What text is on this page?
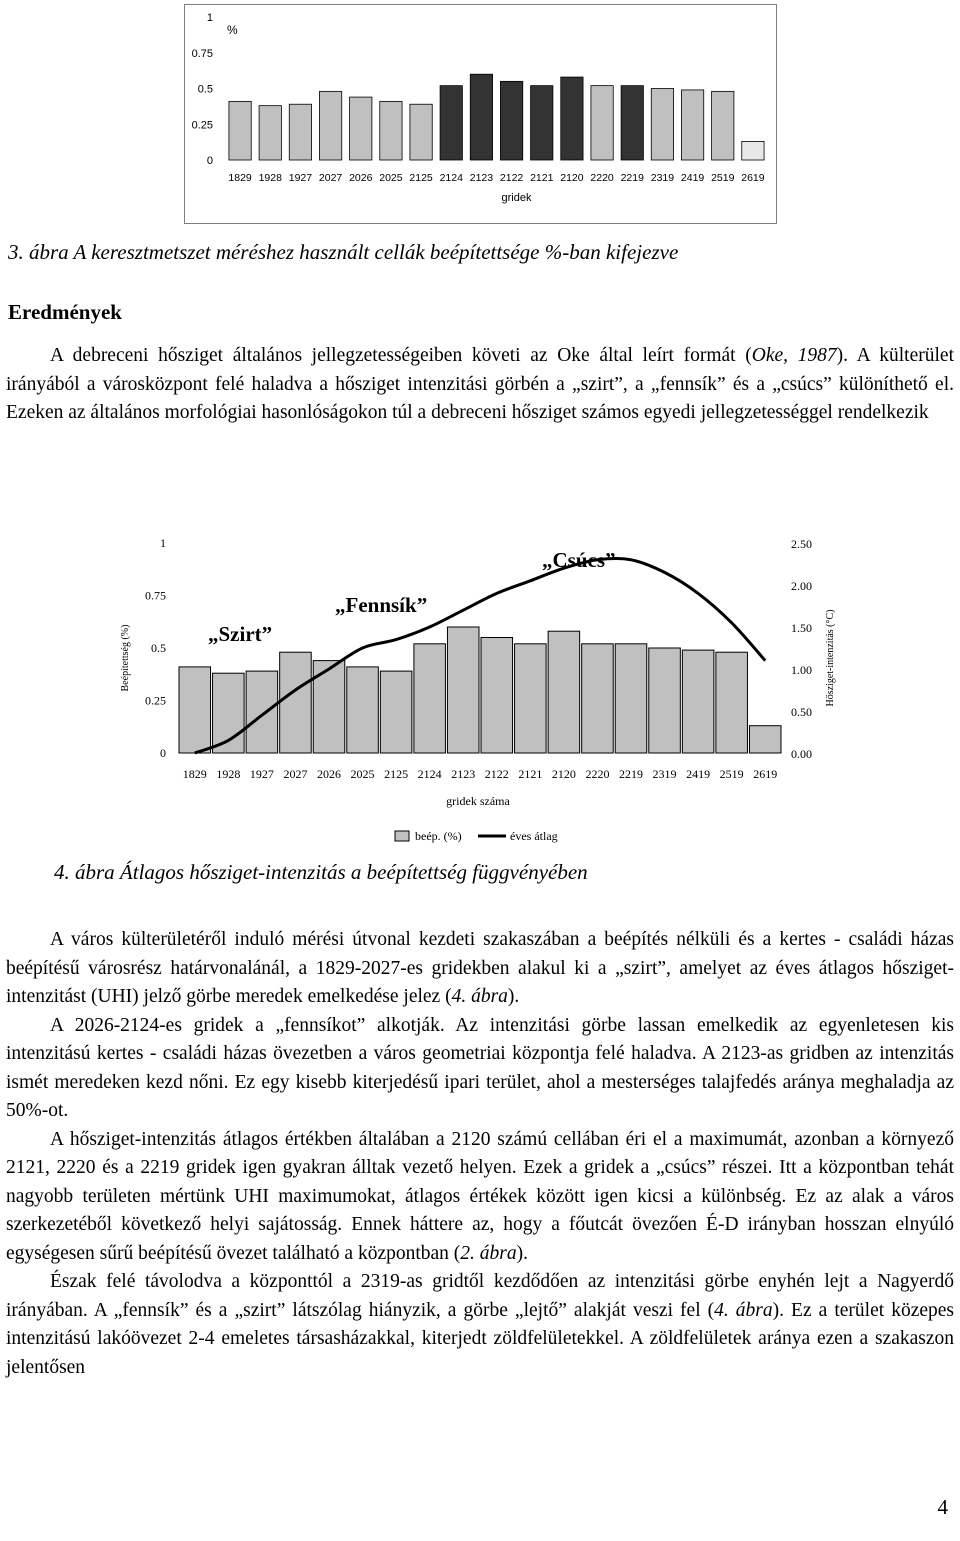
0
0.25
0.5
0.75
1
%
1829 1928 1927 2027 2026 2025 2125 2124 2123 2122 2121 2120 2220 2219 2319 2419 2519 2619
gridek
3. ábra A keresztmetszet méréshez használt cellák beépítettsége %-ban kifejezve
Eredmények
A debreceni hősziget általános jellegzetességeiben követi az Oke által leírt formát (Oke, 1987). A külterület irányából a városközpont felé haladva a hősziget intenzitási görbén a „szirt”, a „fennsík” és a „csúcs” különíthető el. Ezeken az általános morfológiai hasonlóságokon túl a debreceni hősziget számos egyedi jellegzetességgel rendelkezik
0
0.25
0.5
0.75
1
0.00
0.50
1.00
1.50
2.00
2.50
Beépítettség (%)	Hősziget-intenzitás (°C)
1829 1928 1927 2027 2026 2025 2125 2124 2123 2122 2121 2120 2220 2219 2319 2419 2519 2619
gridek száma
„Szirt”
„Fennsík”
„Csúcs”
beép. (%)	éves átlag
4. ábra Átlagos hősziget-intenzitás a beépítettség függvényében

A város külterületéről induló mérési útvonal kezdeti szakaszában a beépítés nélküli és a kertes - családi házas beépítésű városrész határvonalánál, a 1829-2027-es gridekben alakul ki a „szirt”, amelyet az éves átlagos hősziget-intenzitást (UHI) jelző görbe meredek emelkedése jelez (4. ábra).

A 2026-2124-es gridek a „fennsíkot” alkotják. Az intenzitási görbe lassan emelkedik az egyenletesen kis intenzitású kertes - családi házas övezetben a város geometriai központja felé haladva. A 2123-as gridben az intenzitás ismét meredeken kezd nőni. Ez egy kisebb kiterjedésű ipari terület, ahol a mesterséges talajfedés aránya meghaladja az 50%-ot.

A hősziget-intenzitás átlagos értékben általában a 2120 számú cellában éri el a maximumát, azonban a környező 2121, 2220 és a 2219 gridek igen gyakran álltak vezető helyen. Ezek a gridek a „csúcs” részei. Itt a központban tehát nagyobb területen mértünk UHI maximumokat, átlagos értékek között igen kicsi a különbség. Ez az alak a város szerkezetéből következő helyi sajátosság. Ennek háttere az, hogy a főutcát övezően É-D irányban hosszan elnyúló egységesen sűrű beépítésű övezet található a központban (2. ábra).

Észak felé távolodva a központtól a 2319-as gridtől kezdődően az intenzitási görbe enyhén lejt a Nagyerdő irányában. A „fennsík” és a „szirt” látszólag hiányzik, a görbe „lejtő” alakját veszi fel (4. ábra). Ez a terület közepes intenzitású lakóövezet 2-4 emeletes társasházakkal, kiterjedt zöldfelületekkel. A zöldfelületek aránya ezen a szakaszon jelentősen

4
